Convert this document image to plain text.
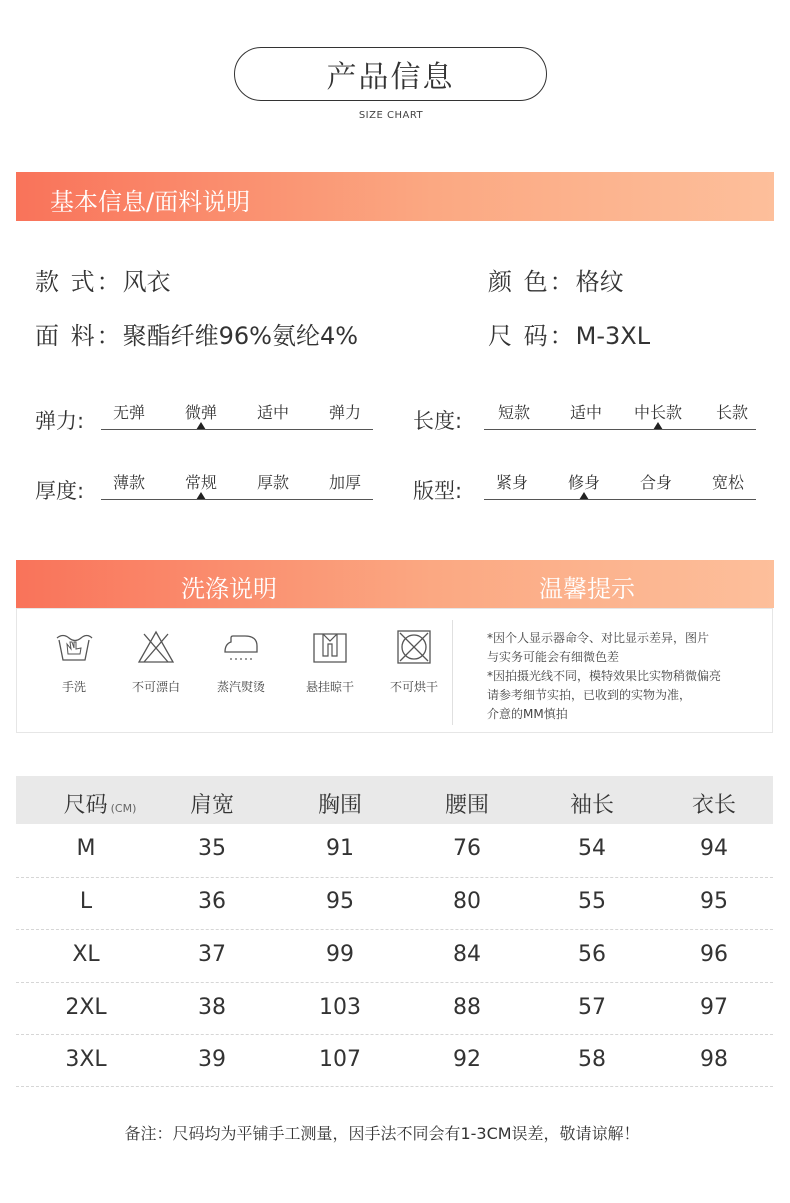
产品信息
SIZE CHART
基本信息/面料说明
款 式：风衣	颜 色：格纹
面 料：聚酯纤维96%氨纶4%	尺 码：M-3XL
弹力: 无弹 微弹 适中 弹力 长度: 短款 适中 中长款 长款
厚度: 薄款 常规 厚款 加厚 版型: 紧身 修身 合身 宽松
洗涤说明	温馨提示
手洗	不可漂白	蒸汽熨烫	悬挂晾干	不可烘干
*因个人显示器命令、对比显示差异，图片
与实务可能会有细微色差
*因拍摄光线不同，模特效果比实物稍微偏亮
请参考细节实拍，已收到的实物为准，
介意的MM慎拍
尺码 (CM) 肩宽	胸围	腰围	袖长	衣长
M	35	91	76	54	94
L	36	95	80	55	95
XL	37	99	84	56	96
2XL	38	103	88	57	97
3XL	39	107	92	58	98
备注：尺码均为平铺手工测量，因手法不同会有1-3CM误差，敬请谅解！
